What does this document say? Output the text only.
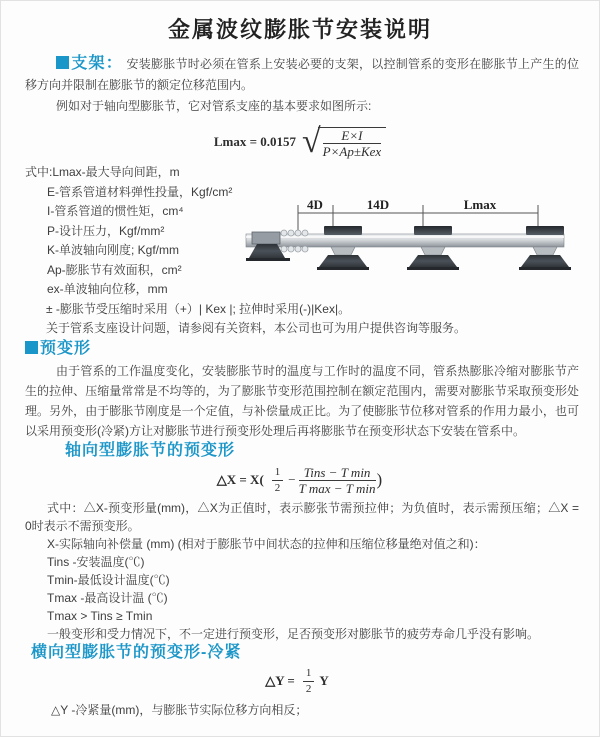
金属波纹膨胀节安装说明

支架： 安装膨胀节时必须在管系上安装必要的支架，以控制管系的变形在膨胀节上产生的位移方向并限制在膨胀节的额定位移范围内。

例如对于轴向型膨胀节，它对管系支座的基本要求如图所示:

Lmax = 0.0157 √ $\frac{E\times I}{\text{P×Ap±Kex}}$
式中:Lmax-最大导向间距，m
E-管系管道材料弹性投量，Kgf/cm²
I-管系管道的惯性矩，cm⁴
P-设计压力，Kgf/mm²
K-单波轴向刚度; Kgf/mm
Ap-膨胀节有效面积，cm²
ex-单波轴向位移，mm
± -膨胀节受压缩时采用（+）| Kex |; 拉伸时采用(-)|Kex|。
关于管系支座设计问题，请参阅有关资料，本公司也可为用户提供咨询等服务。
4D	14D	Lmax
预变形

由于管系的工作温度变化，安装膨胀节时的温度与工作时的温度不同，管系热膨胀冷缩对膨胀节产生的拉伸、压缩量常常是不均等的，为了膨胀节变形范围控制在额定范围内，需要对膨胀节采取预变形处理。另外，由于膨胀节刚度是一个定值，与补偿量成正比。为了使膨胀节位移对管系的作用力最小，也可以采用预变形(冷紧)方让对膨胀节进行预变形处理后再将膨胀节在预变形状态下安装在管系中。

轴向型膨胀节的预变形
△X = $X( \frac{1}{2} - \frac{\text{Tins − T min}}{\text{T max − T min}}$ )

式中：△X-预变形量(mm)，△X为正值时，表示膨张节需预拉伸；为负值时，表示需预压缩；△X = 0时表示不需预变形。

X-实际轴向补偿量 (mm) (相对于膨胀节中间状态的拉伸和压缩位移量绝对值之和)：
Tins -安装温度(℃)
Tmin-最低设计温度(℃)
Tmax -最高设计温 (℃)
Tmax > Tins ≥ Tmin
一般变形和受力情况下，不一定进行预变形，足否预变形对膨胀节的疲劳寿命几乎没有影响。
横向型膨胀节的预变形-冷紧
△Y = $\frac{1}{2}$ Y
△Y -冷紧量(mm)，与膨胀节实际位移方向相反；
